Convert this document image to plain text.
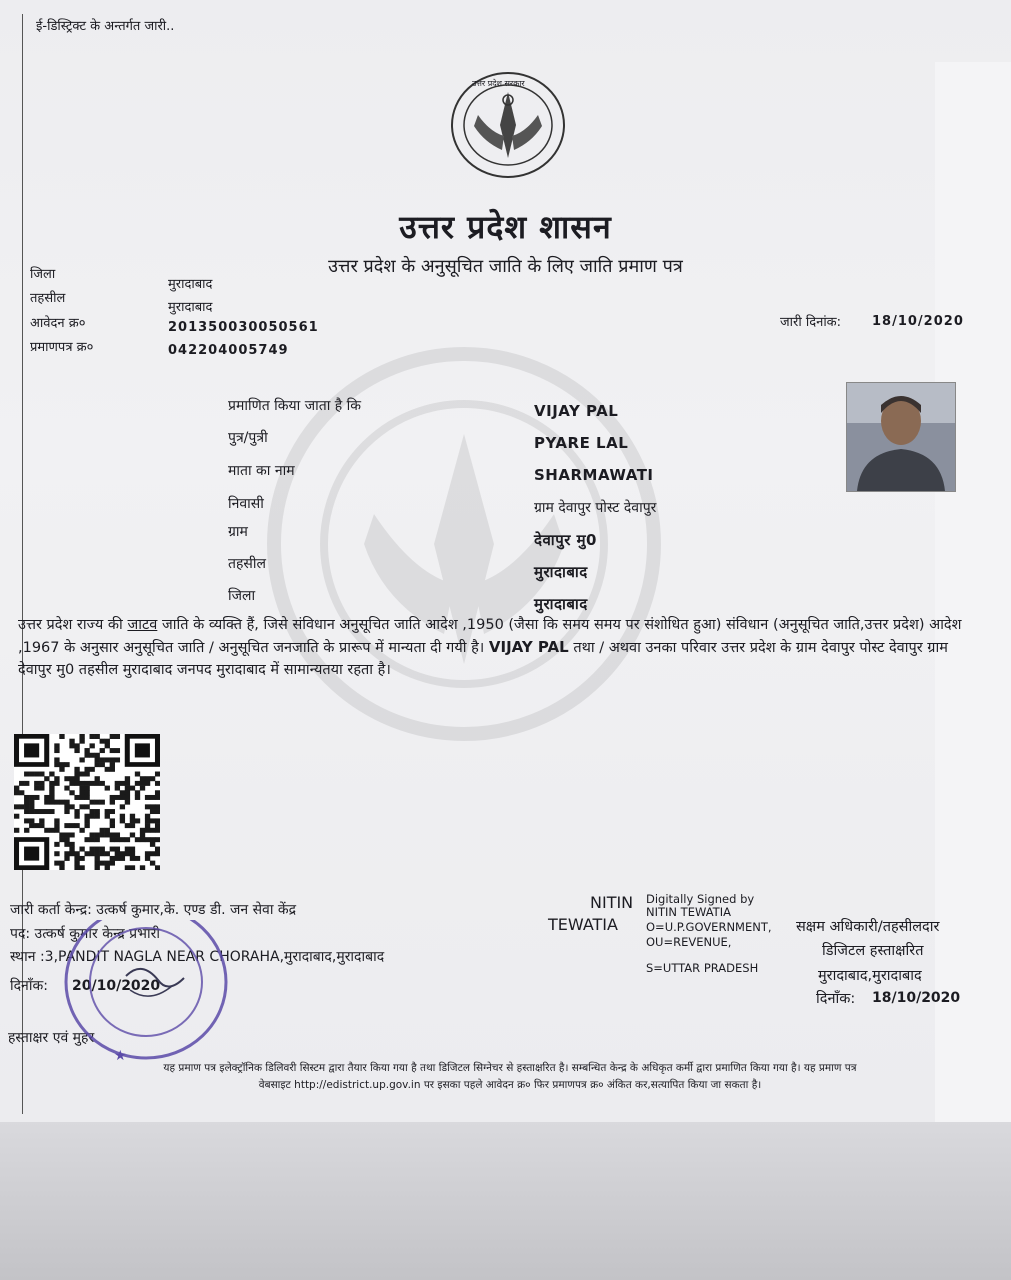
ई-डिस्ट्रिक्ट के अन्तर्गत जारी..
उत्तर प्रदेश सरकार
उत्तर प्रदेश शासन
उत्तर प्रदेश के अनुसूचित जाति के लिए जाति प्रमाण पत्र
जिला
मुरादाबाद
तहसील
मुरादाबाद
आवेदन क्र०	201350030050561
प्रमाणपत्र क्र०	042204005749
जारी दिनांक: 18/10/2020
प्रमाणित किया जाता है कि	VIJAY PAL
पुत्र/पुत्री	PYARE LAL
माता का नाम	SHARMAWATI
निवासी	ग्राम देवापुर पोस्ट देवापुर
ग्राम	देवापुर मु0
तहसील	मुरादाबाद
जिला	मुरादाबाद
उत्तर प्रदेश राज्य की जाटव जाति के व्यक्ति हैं, जिसे संविधान अनुसूचित जाति आदेश ,1950 (जैसा कि समय समय पर संशोधित हुआ) संविधान (अनुसूचित जाति,उत्तर प्रदेश) आदेश ,1967 के अनुसार अनुसूचित जाति / अनुसूचित जनजाति के प्रारूप में मान्यता दी गयी है। VIJAY PAL तथा / अथवा उनका परिवार उत्तर प्रदेश के ग्राम देवापुर पोस्ट देवापुर ग्राम देवापुर मु0 तहसील मुरादाबाद जनपद मुरादाबाद में सामान्यतया रहता है।
जारी कर्ता केन्द्र: उत्कर्ष कुमार,के. एण्ड डी. जन सेवा केंद्र
पद: उत्कर्ष कुमार केन्द्र प्रभारी
स्थान :3,PANDIT NAGLA NEAR CHORAHA,मुरादाबाद,मुरादाबाद
दिनाँक: 20/10/2020
हस्ताक्षर एवं मुहर
★
NITIN
TEWATIA
Digitally Signed by
NITIN TEWATIA
O=U.P.GOVERNMENT,
OU=REVENUE,
S=UTTAR PRADESH
सक्षम अधिकारी/तहसीलदार
डिजिटल हस्ताक्षरित
मुरादाबाद,मुरादाबाद
दिनाँक: 18/10/2020
यह प्रमाण पत्र इलेक्ट्रॉनिक डिलिवरी सिस्टम द्वारा तैयार किया गया है तथा डिजिटल सिग्नेचर से हस्ताक्षरित है। सम्बन्धित केन्द्र के अधिकृत कर्मी द्वारा प्रमाणित किया गया है। यह प्रमाण पत्र
वेबसाइट http://edistrict.up.gov.in पर इसका पहले आवेदन क्र० फिर प्रमाणपत्र क्र० अंकित कर,सत्यापित किया जा सकता है।
